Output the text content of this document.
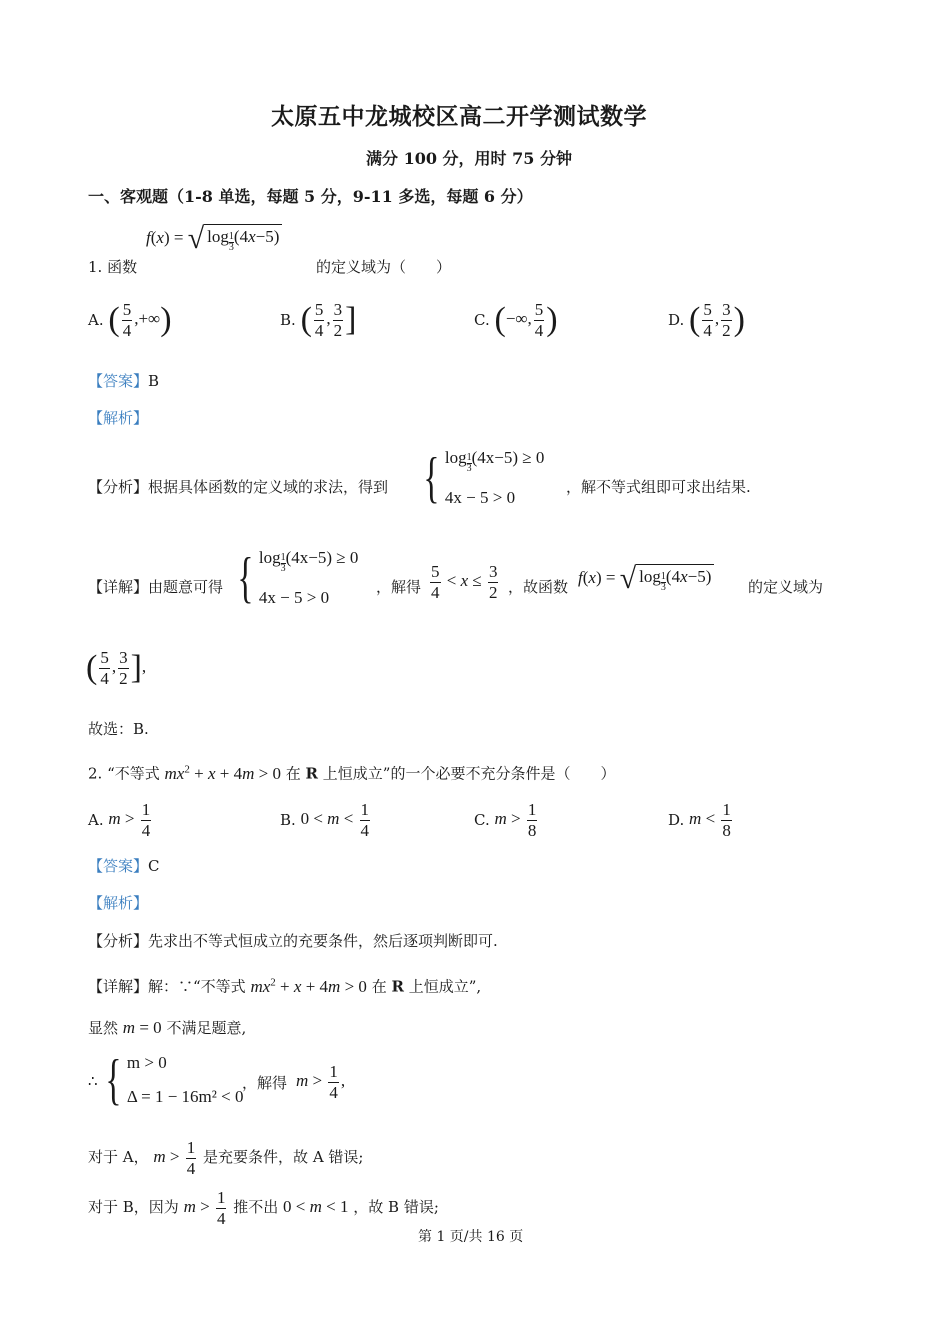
太原五中龙城校区高二开学测试数学
满分 100 分，用时 75 分钟
一、客观题（1-8 单选，每题 5 分，9-11 多选，每题 6 分）
f(x) = √ log 1
3(4x−5)
1. 函数	的定义域为（　　）
A.
( $\frac{5}{4}$ ,+∞)	B.
( $\frac{5}{4}$ , $\frac{3}{2}$ ]	C.
(−∞, $\frac{5}{4}$ )	D.
( $\frac{5}{4}$ , $\frac{3}{2}$ )
【答案】B
【解析】
【分析】根据具体函数的定义域的求法，得到 { log 1
3(4x−5) ≥ 0
4x − 5 > 0
，解不等式组即可求出结果.
【详解】由题意可得 { log 1
3(4x−5) ≥ 0
4x − 5 > 0
，解得 $\frac{5}{4} < x \le \frac{3}{2}$ ，故函数
f(x) = √ log 1
3(4x−5)
的定义域为
( $\frac{5}{4}$ , $\frac{3}{2}$ ],
故选：B.
2. “不等式 $mx^2 + x + 4m > 0$ 在 R 上恒成立”的一个必要不充分条件是（　　）
A.
$m > \frac{1}{4}$	B.
$0 < m < \frac{1}{4}$	C.
$m > \frac{1}{8}$	D.
$m < \frac{1}{8}$
【答案】C
【解析】
【分析】先求出不等式恒成立的充要条件，然后逐项判断即可.
【详解】解：∵“不等式 $mx^2 + x + 4m > 0$ 在 R 上恒成立”,
显然 m = 0 不满足题意,
∴ { m > 0
Δ = 1 − 16m² < 0
，解得 $m > \frac{1}{4}$ ,
对于 A， $m > \frac{1}{4}$ 是充要条件，故 A 错误;
对于 B，因为 $m > \frac{1}{4}$ 推不出 0 < m < 1 ，故 B 错误;
第 1 页/共 16 页
